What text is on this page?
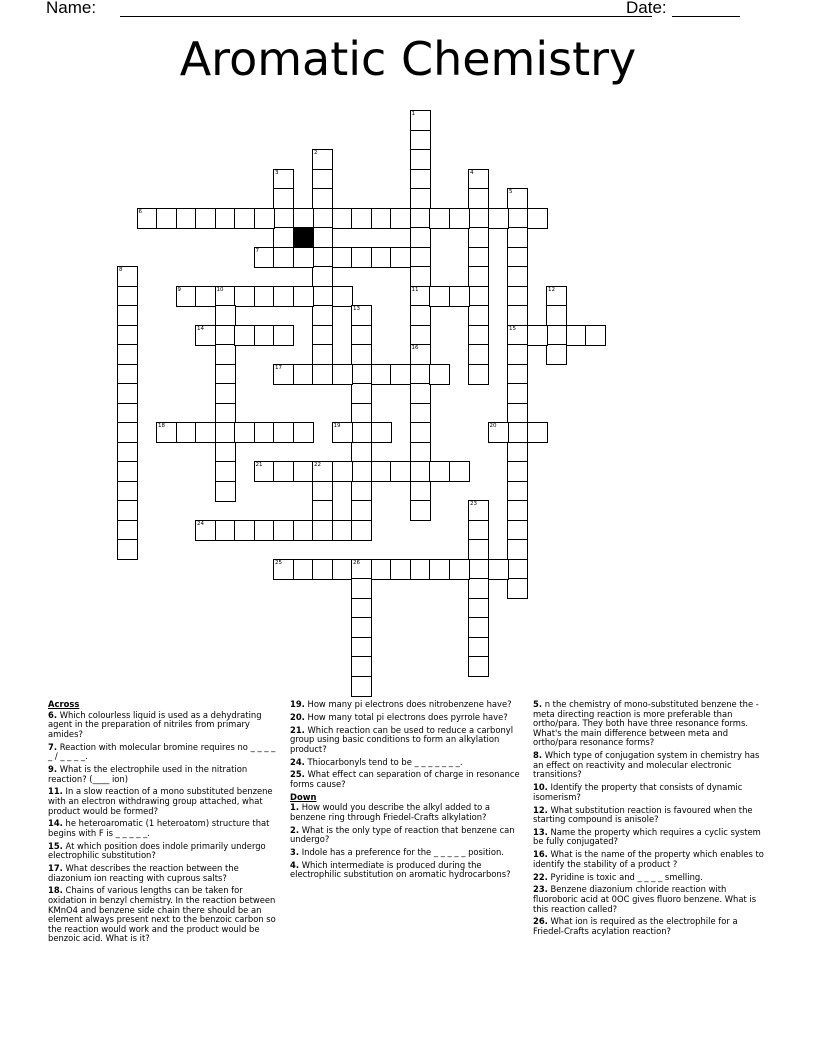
Name:	Date:
Aromatic Chemistry
1
11
16
2
3	4
5
15
6
7
8
9	10	12
13
14
17
18	19	20
21	22
23
24
25	26
Across
6. Which colourless liquid is used as a dehydrating agent in the preparation of nitriles from primary amides?
7. Reaction with molecular bromine requires no _ _ _ _ _ / _ _ _ _.
9. What is the electrophile used in the nitration reaction? (____ ion)
11. In a slow reaction of a mono substituted benzene with an electron withdrawing group attached, what product would be formed?
14. he heteroaromatic (1 heteroatom) structure that begins with F is _ _ _ _ _.
15. At which position does indole primarily undergo electrophilic substitution?
17. What describes the reaction between the diazonium ion reacting with cuprous salts?
18. Chains of various lengths can be taken for oxidation in benzyl chemistry. In the reaction between KMnO4 and benzene side chain there should be an element always present next to the benzoic carbon so the reaction would work and the product would be benzoic acid. What is it?
19. How many pi electrons does nitrobenzene have?
20. How many total pi electrons does pyrrole have?
21. Which reaction can be used to reduce a carbonyl group using basic conditions to form an alkylation product?
24. Thiocarbonyls tend to be _ _ _ _ _ _ _.
25. What effect can separation of charge in resonance forms cause?
Down
1. How would you describe the alkyl added to a benzene ring through Friedel-Crafts alkylation?
2. What is the only type of reaction that benzene can undergo?
3. Indole has a preference for the _ _ _ _ _ position.
4. Which intermediate is produced during the electrophilic substitution on aromatic hydrocarbons?
5. n the chemistry of mono-substituted benzene the -meta directing reaction is more preferable than ortho/para. They both have three resonance forms. What's the main difference between meta and ortho/para resonance forms?
8. Which type of conjugation system in chemistry has an effect on reactivity and molecular electronic transitions?
10. Identify the property that consists of dynamic isomerism?
12. What substitution reaction is favoured when the starting compound is anisole?
13. Name the property which requires a cyclic system be fully conjugated?
16. What is the name of the property which enables to identify the stability of a product ?
22. Pyridine is toxic and _ _ _ _ smelling.
23. Benzene diazonium chloride reaction with fluoroboric acid at 0OC gives fluoro benzene. What is this reaction called?
26. What ion is required as the electrophile for a Friedel-Crafts acylation reaction?
